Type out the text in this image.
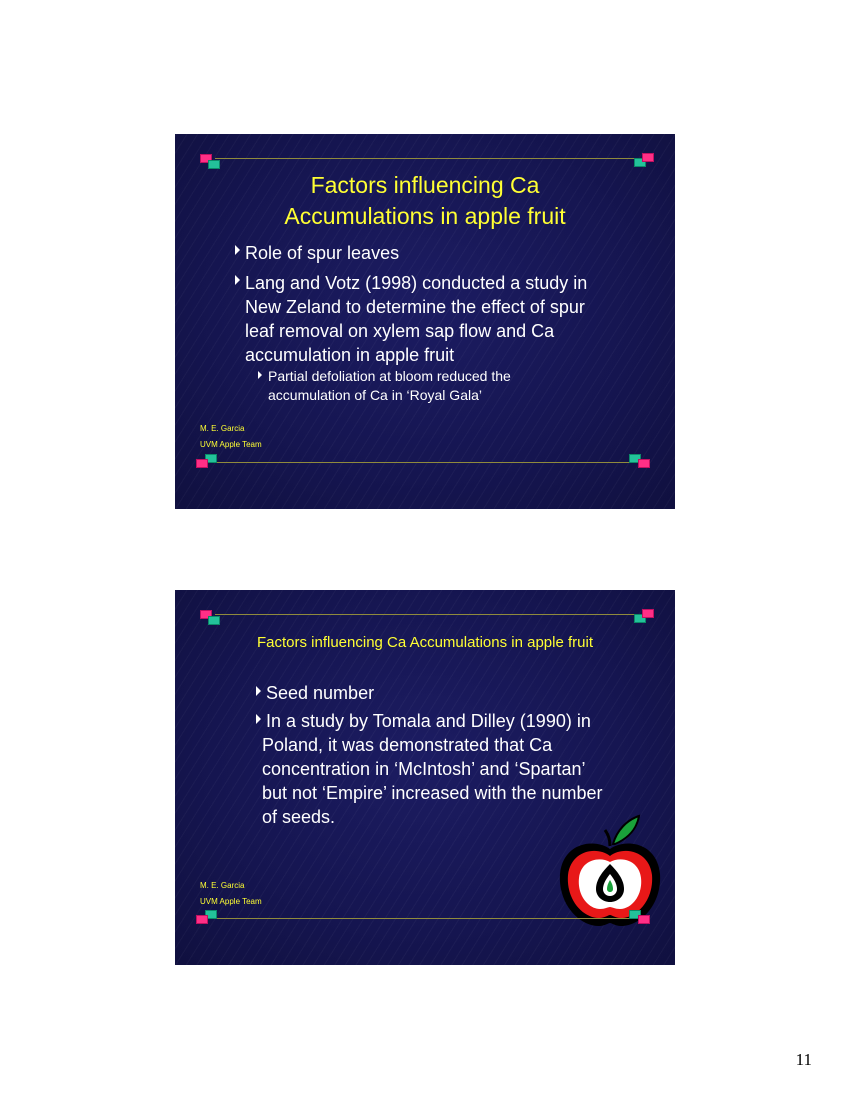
Factors influencing Ca
Accumulations in apple fruit
Role of spur leaves
Lang and Votz (1998) conducted a study in
New Zeland to determine the effect of spur
leaf removal on xylem sap flow and Ca
accumulation in apple fruit
Partial defoliation at bloom reduced the
accumulation of Ca in ‘Royal Gala’
M. E. Garcia
UVM Apple Team
Factors influencing Ca Accumulations in apple fruit
Seed number
In a study by Tomala and Dilley (1990) in
Poland, it was demonstrated that Ca
concentration in ‘McIntosh’ and ‘Spartan’
but not ‘Empire’ increased with the number
of seeds.
M. E. Garcia
UVM Apple Team
11
